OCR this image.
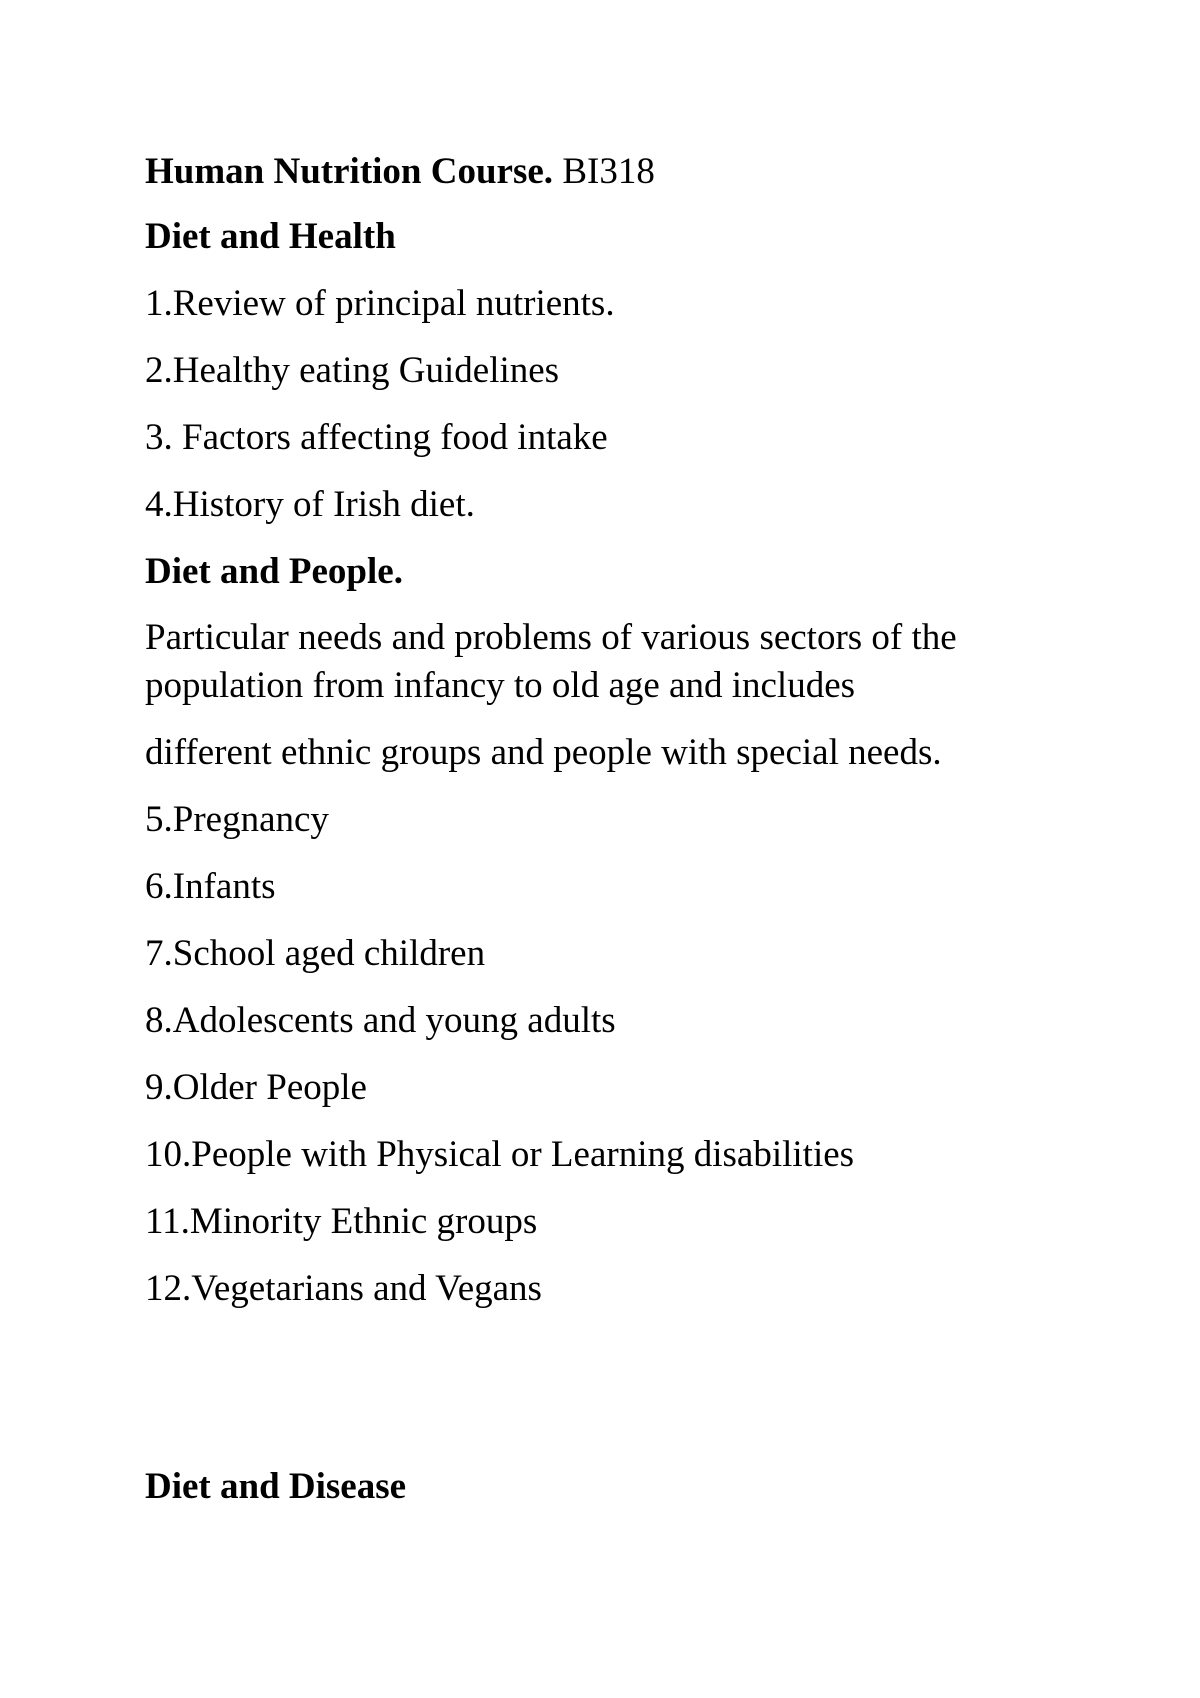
Human Nutrition Course. BI318
Diet and Health
1.Review of principal nutrients.
2.Healthy eating Guidelines
3. Factors affecting food intake
4.History of Irish diet.
Diet and People.
Particular needs and problems of various sectors of the
population from infancy to old age and includes
different ethnic groups and people with special needs.
5.Pregnancy
6.Infants
7.School aged children
8.Adolescents and young adults
9.Older People
10.People with Physical or Learning disabilities
11.Minority Ethnic groups
12.Vegetarians and Vegans
Diet and Disease
